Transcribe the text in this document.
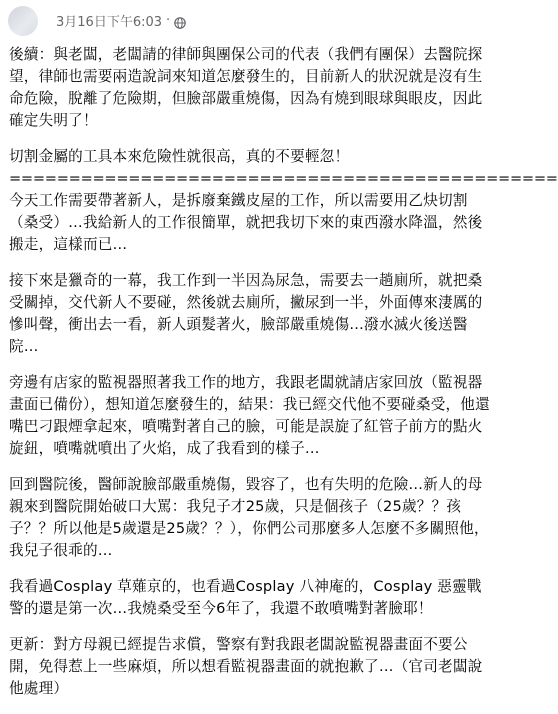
3月16日下午6:03 ·

後續：與老闆，老闆請的律師與團保公司的代表（我們有團保）去醫院探望，律師也需要兩造說詞來知道怎麼發生的，目前新人的狀況就是沒有生命危險，脫離了危險期，但臉部嚴重燒傷，因為有燒到眼球與眼皮，因此確定失明了！

切割金屬的工具本來危險性就很高，真的不要輕忽！

==============================================

今天工作需要帶著新人，是拆廢棄鐵皮屋的工作，所以需要用乙炔切割（桑受）…我給新人的工作很簡單，就把我切下來的東西潑水降溫，然後搬走，這樣而已…

接下來是獵奇的一幕，我工作到一半因為尿急，需要去一趟廁所，就把桑受關掉，交代新人不要碰，然後就去廁所，撇尿到一半，外面傳來淒厲的慘叫聲，衝出去一看，新人頭髮著火，臉部嚴重燒傷…潑水滅火後送醫院…

旁邊有店家的監視器照著我工作的地方，我跟老闆就請店家回放（監視器畫面已備份），想知道怎麼發生的，結果：我已經交代他不要碰桑受，他還嘴巴刁跟煙拿起來，噴嘴對著自己的臉，可能是誤旋了紅管子前方的點火旋鈕，噴嘴就噴出了火焰，成了我看到的樣子…

回到醫院後，醫師說臉部嚴重燒傷，毀容了，也有失明的危險…新人的母親來到醫院開始破口大罵：我兒子才25歲，只是個孩子（25歲？？孩子？？所以他是5歲還是25歲？？），你們公司那麼多人怎麼不多關照他，我兒子很乖的…

我看過Cosplay 草薙京的，也看過Cosplay 八神庵的，Cosplay 惡靈戰警的還是第一次…我燒桑受至今6年了，我還不敢噴嘴對著臉耶！

更新：對方母親已經提告求償，警察有對我跟老闆說監視器畫面不要公開，免得惹上一些麻煩，所以想看監視器畫面的就抱歉了…（官司老闆說他處理）
